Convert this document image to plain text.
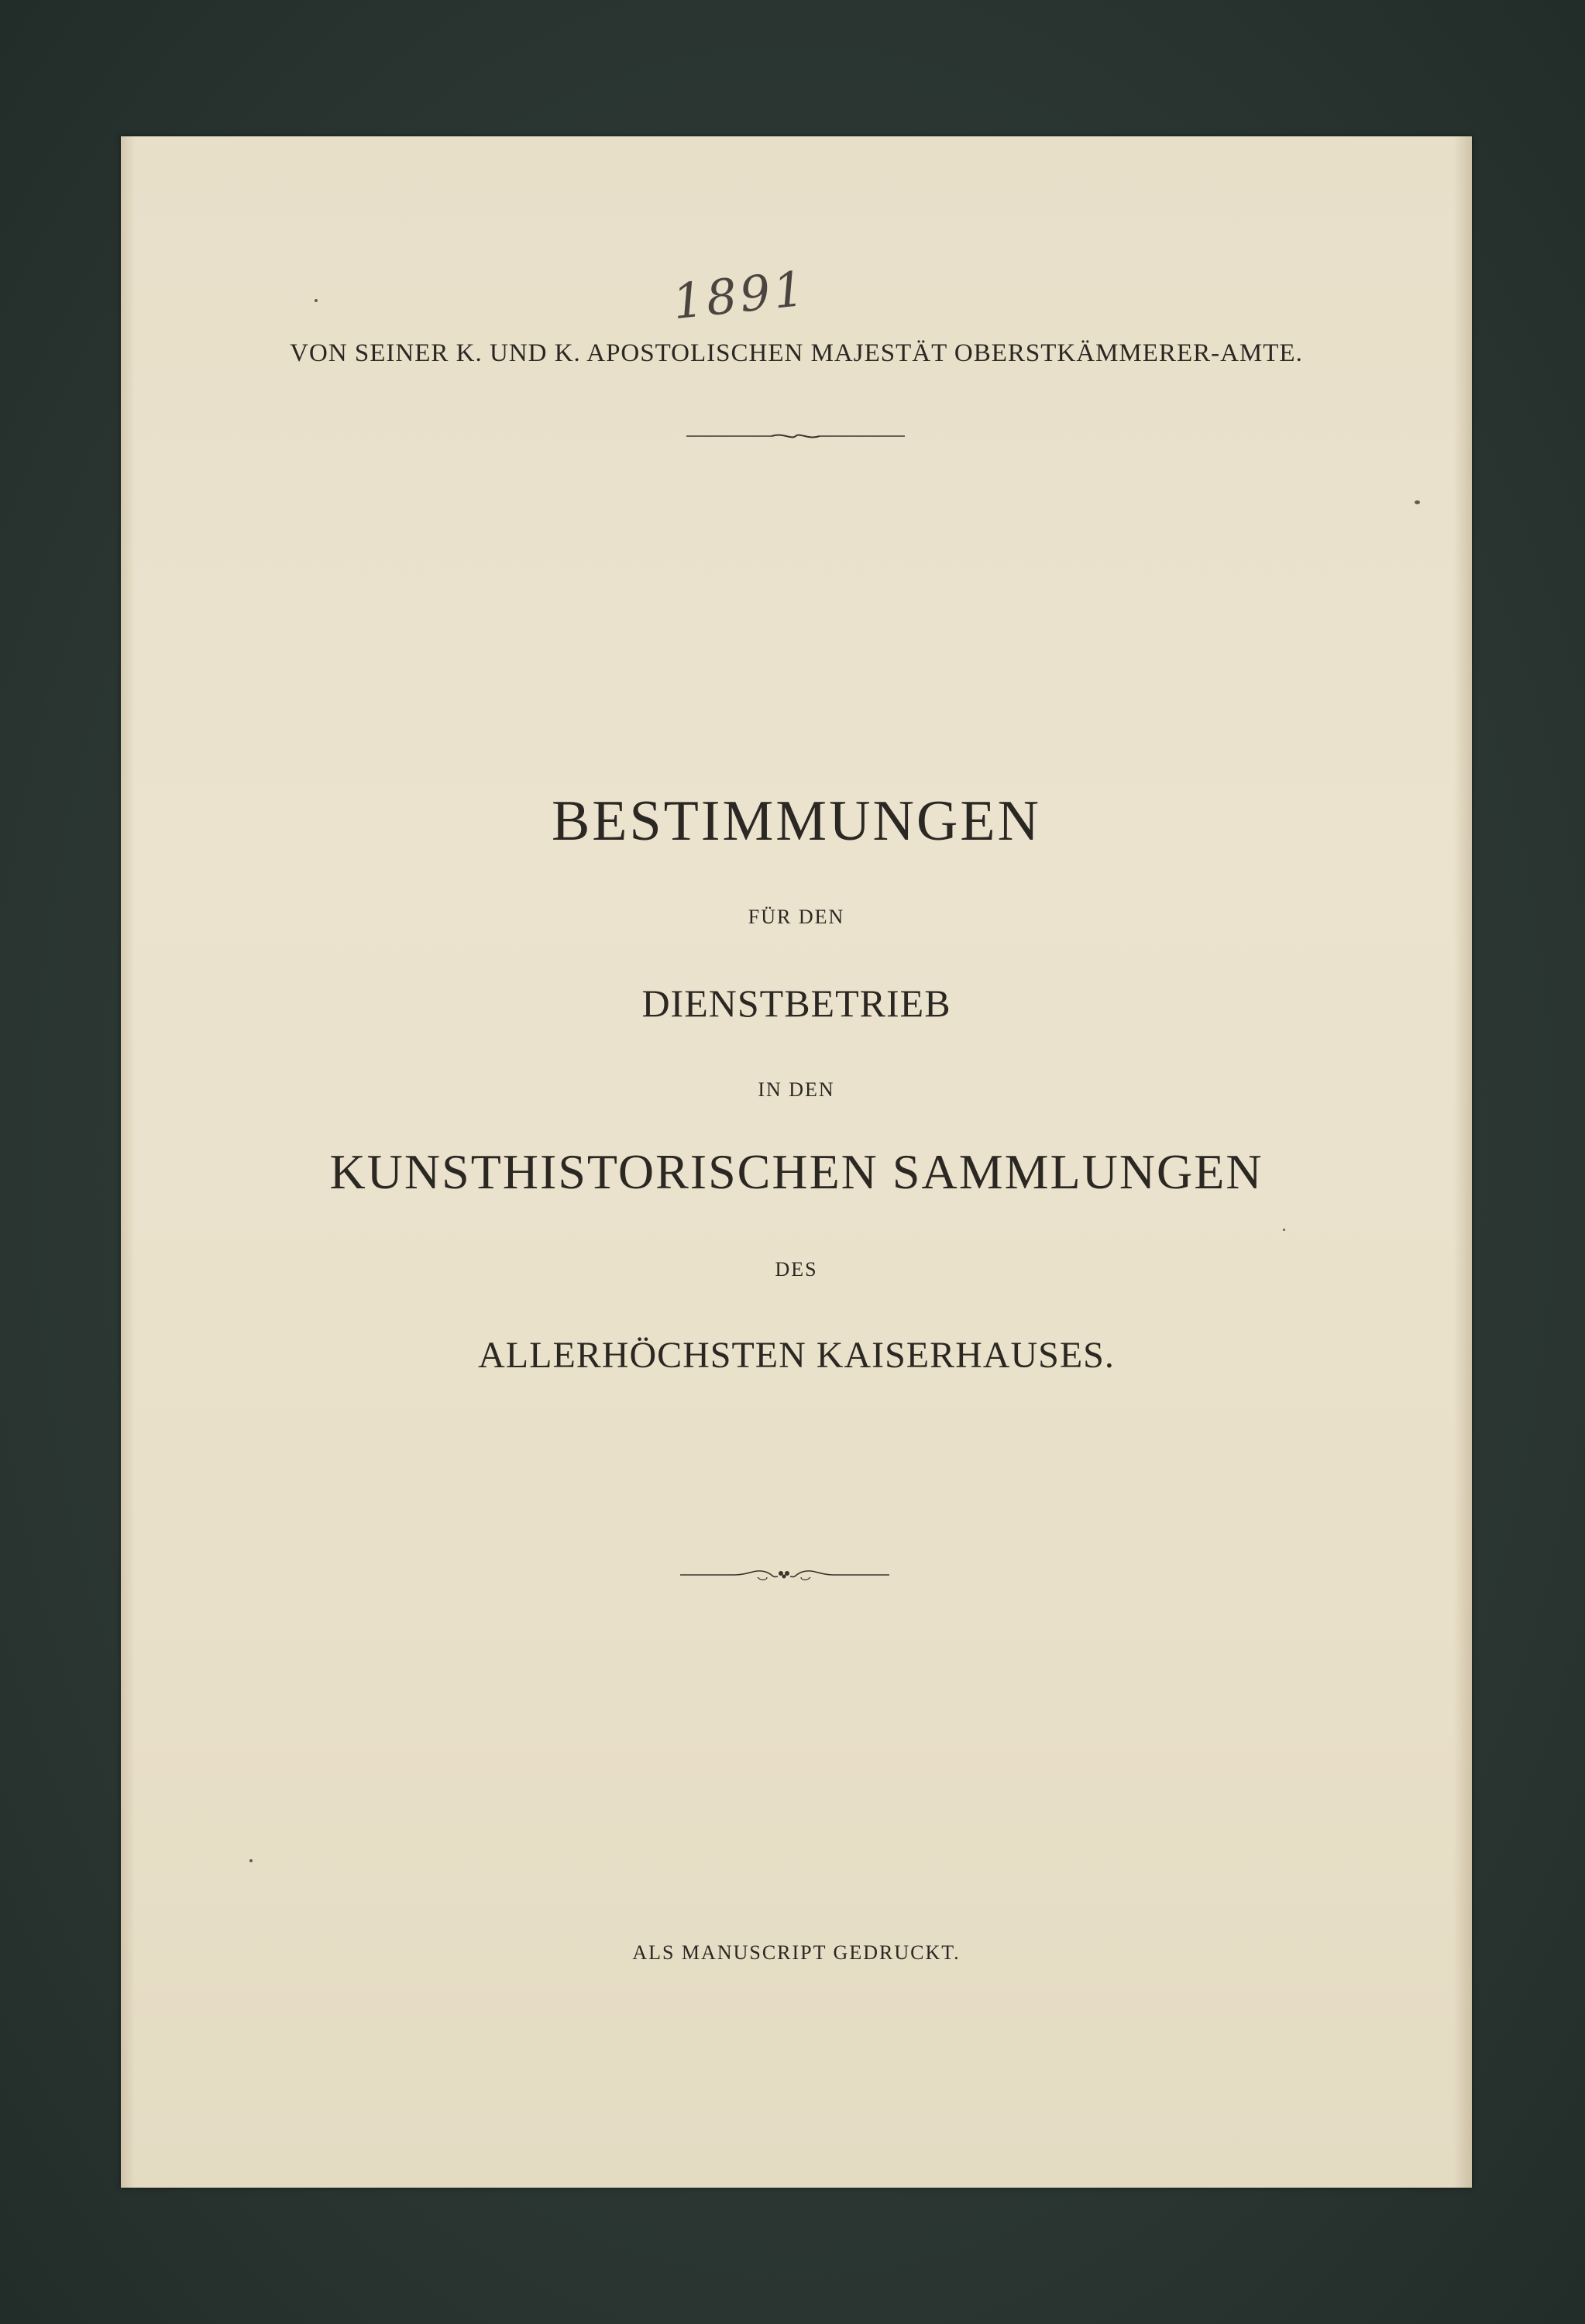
1891
VON SEINER K. UND K. APOSTOLISCHEN MAJESTÄT OBERSTKÄMMERER-AMTE.
BESTIMMUNGEN
FÜR DEN
DIENSTBETRIEB
IN DEN
KUNSTHISTORISCHEN SAMMLUNGEN
DES
ALLERHÖCHSTEN KAISERHAUSES.
ALS MANUSCRIPT GEDRUCKT.
